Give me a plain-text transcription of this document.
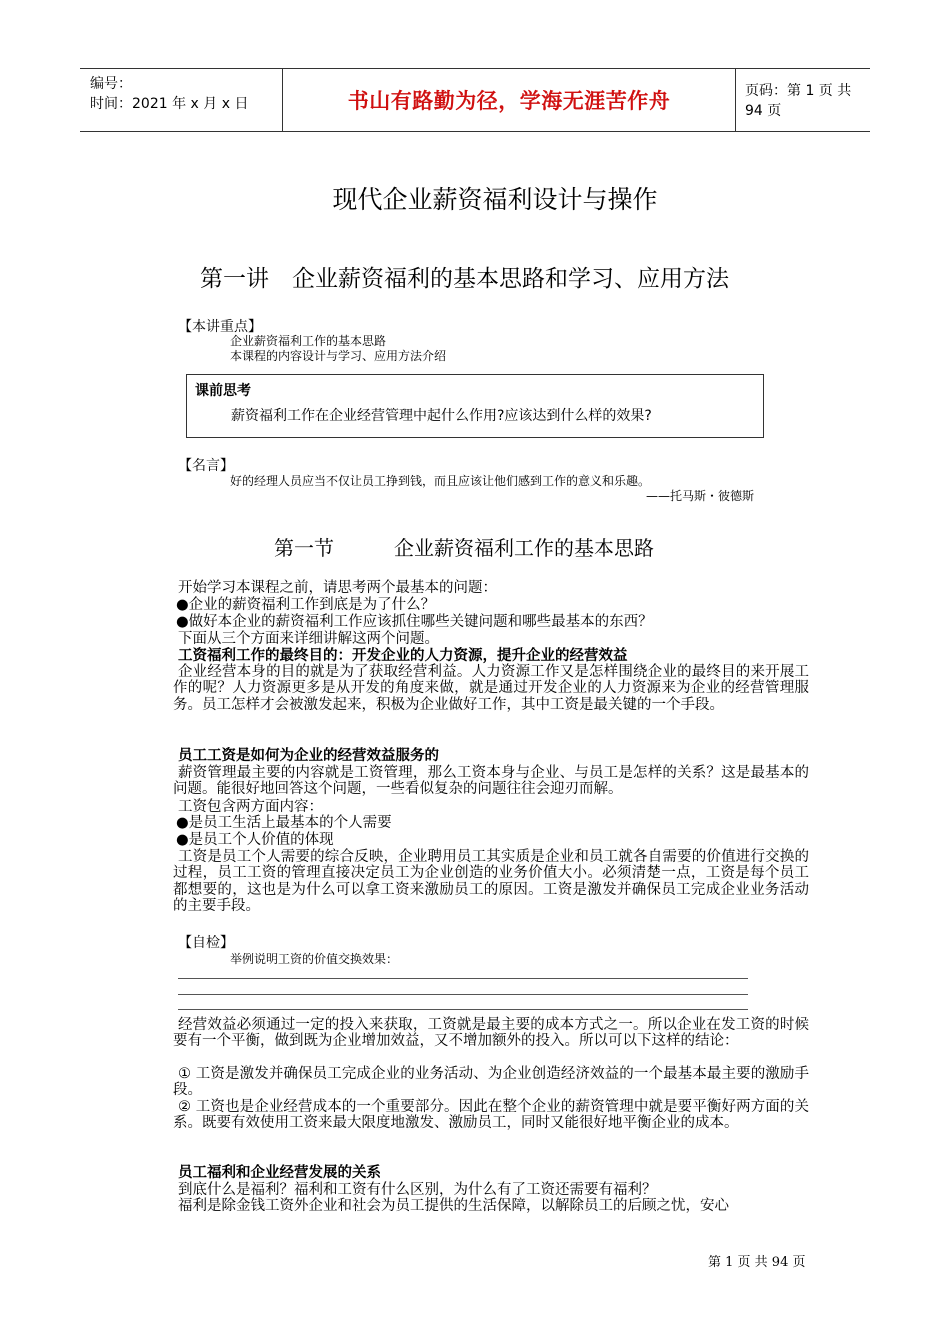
编号：
时间：2021 年 x 月 x 日	书山有路勤为径，学海无涯苦作舟	页码：第 1 页 共 94 页
现代企业薪资福利设计与操作
第一讲　企业薪资福利的基本思路和学习、应用方法
【本讲重点】
企业薪资福利工作的基本思路
本课程的内容设计与学习、应用方法介绍
课前思考
薪资福利工作在企业经营管理中起什么作用?应该达到什么样的效果?
【名言】
好的经理人员应当不仅让员工挣到钱，而且应该让他们感到工作的意义和乐趣。
——托马斯・彼德斯
第一节	企业薪资福利工作的基本思路
开始学习本课程之前，请思考两个最基本的问题：
●企业的薪资福利工作到底是为了什么？
●做好本企业的薪资福利工作应该抓住哪些关键问题和哪些最基本的东西？
下面从三个方面来详细讲解这两个问题。
工资福利工作的最终目的：开发企业的人力资源，提升企业的经营效益
企业经营本身的目的就是为了获取经营利益。人力资源工作又是怎样围绕企业的最终目的来开展工作的呢？人力资源更多是从开发的角度来做，就是通过开发企业的人力资源来为企业的经营管理服务。员工怎样才会被激发起来，积极为企业做好工作，其中工资是最关键的一个手段。
员工工资是如何为企业的经营效益服务的
薪资管理最主要的内容就是工资管理，那么工资本身与企业、与员工是怎样的关系？这是最基本的问题。能很好地回答这个问题，一些看似复杂的问题往往会迎刃而解。
工资包含两方面内容：
●是员工生活上最基本的个人需要
●是员工个人价值的体现
工资是员工个人需要的综合反映，企业聘用员工其实质是企业和员工就各自需要的价值进行交换的过程，员工工资的管理直接决定员工为企业创造的业务价值大小。必须清楚一点，工资是每个员工都想要的，这也是为什么可以拿工资来激励员工的原因。工资是激发并确保员工完成企业业务活动的主要手段。
【自检】
举例说明工资的价值交换效果：
经营效益必须通过一定的投入来获取，工资就是最主要的成本方式之一。所以企业在发工资的时候要有一个平衡，做到既为企业增加效益，又不增加额外的投入。所以可以下这样的结论：
① 工资是激发并确保员工完成企业的业务活动、为企业创造经济效益的一个最基本最主要的激励手段。
② 工资也是企业经营成本的一个重要部分。因此在整个企业的薪资管理中就是要平衡好两方面的关系。既要有效使用工资来最大限度地激发、激励员工，同时又能很好地平衡企业的成本。
员工福利和企业经营发展的关系
到底什么是福利？福利和工资有什么区别，为什么有了工资还需要有福利？
福利是除金钱工资外企业和社会为员工提供的生活保障，以解除员工的后顾之忧，安心
第 1 页 共 94 页
